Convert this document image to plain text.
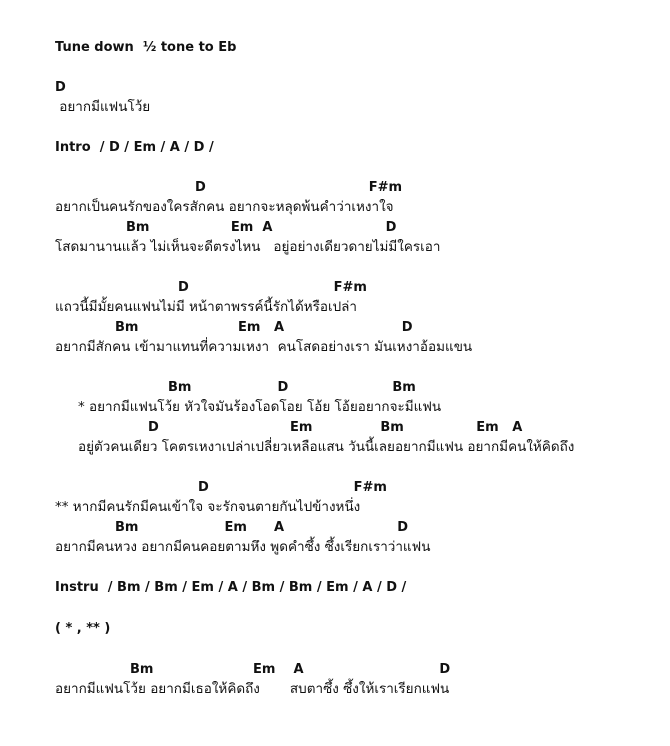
Tune down  ½ tone to Eb
D
อยากมีแฟนโว้ย
Intro  / D / Em / A / D /
D                                    F#m
อยากเป็นคนรักของใครสักคน อยากจะหลุดพ้นคำว่าเหงาใจ
Bm                  Em  A                         D
โสดมานานแล้ว ไม่เห็นจะดีตรงไหน   อยู่อย่างเดียวดายไม่มีใครเอา
D                                F#m
แถวนี้มีมั้ยคนแฟนไม่มี หน้าตาพรรค์นี้รักได้หรือเปล่า
Bm                      Em   A                          D
อยากมีสักคน เข้ามาแทนที่ความเหงา  คนโสดอย่างเรา มันเหงาอ้อมแขน
Bm                   D                       Bm
* อยากมีแฟนโว้ย หัวใจมันร้องโอดโอย โอ้ย โอ้ยอยากจะมีแฟน
D                             Em               Bm                Em   A
อยู่ตัวคนเดียว โคตรเหงาเปล่าเปลี่ยวเหลือแสน วันนี้เลยอยากมีแฟน อยากมีคนให้คิดถึง
D                                F#m
** หากมีคนรักมีคนเข้าใจ จะรักจนตายกันไปข้างหนึ่ง
Bm                   Em      A                         D
อยากมีคนหวง อยากมีคนคอยตามหึง พูดคำซึ้ง ซึ้งเรียกเราว่าแฟน
Instru  / Bm / Bm / Em / A / Bm / Bm / Em / A / D /
( * , ** )
Bm                      Em    A                              D
อยากมีแฟนโว้ย อยากมีเธอให้คิดถึง       สบตาซึ้ง ซึ้งให้เราเรียกแฟน
